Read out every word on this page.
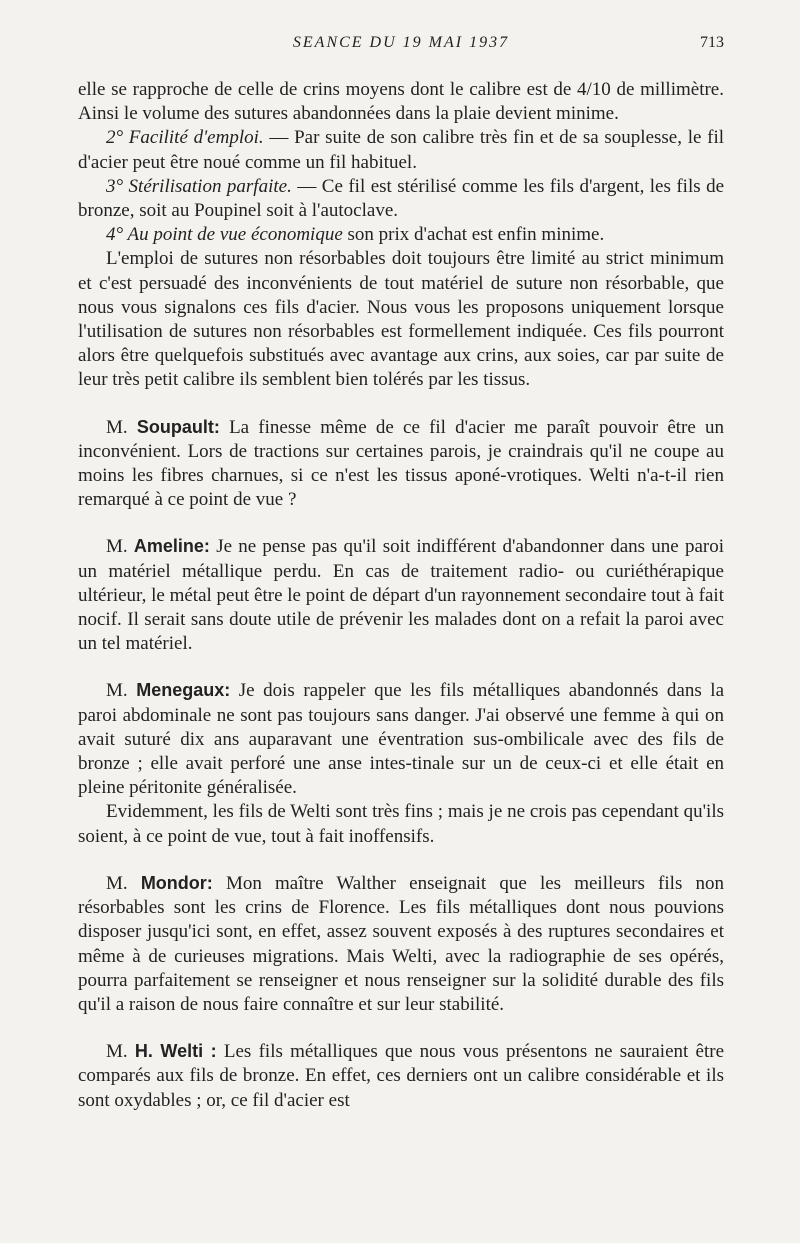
SEANCE DU 19 MAI 1937	713

elle se rapproche de celle de crins moyens dont le calibre est de 4/10 de millimètre. Ainsi le volume des sutures abandonnées dans la plaie devient minime.

2° Facilité d'emploi. — Par suite de son calibre très fin et de sa souplesse, le fil d'acier peut être noué comme un fil habituel.

3° Stérilisation parfaite. — Ce fil est stérilisé comme les fils d'argent, les fils de bronze, soit au Poupinel soit à l'autoclave.

4° Au point de vue économique son prix d'achat est enfin minime.

L'emploi de sutures non résorbables doit toujours être limité au strict minimum et c'est persuadé des inconvénients de tout matériel de suture non résorbable, que nous vous signalons ces fils d'acier. Nous vous les proposons uniquement lorsque l'utilisation de sutures non résorbables est formellement indiquée. Ces fils pourront alors être quelquefois substitués avec avantage aux crins, aux soies, car par suite de leur très petit calibre ils semblent bien tolérés par les tissus.

M. Soupault: La finesse même de ce fil d'acier me paraît pouvoir être un inconvénient. Lors de tractions sur certaines parois, je craindrais qu'il ne coupe au moins les fibres charnues, si ce n'est les tissus aponé-vrotiques. Welti n'a-t-il rien remarqué à ce point de vue ?

M. Ameline: Je ne pense pas qu'il soit indifférent d'abandonner dans une paroi un matériel métallique perdu. En cas de traitement radio- ou curiéthérapique ultérieur, le métal peut être le point de départ d'un rayonnement secondaire tout à fait nocif. Il serait sans doute utile de prévenir les malades dont on a refait la paroi avec un tel matériel.

M. Menegaux: Je dois rappeler que les fils métalliques abandonnés dans la paroi abdominale ne sont pas toujours sans danger. J'ai observé une femme à qui on avait suturé dix ans auparavant une éventration sus-ombilicale avec des fils de bronze ; elle avait perforé une anse intes-tinale sur un de ceux-ci et elle était en pleine péritonite généralisée.

Evidemment, les fils de Welti sont très fins ; mais je ne crois pas cependant qu'ils soient, à ce point de vue, tout à fait inoffensifs.

M. Mondor: Mon maître Walther enseignait que les meilleurs fils non résorbables sont les crins de Florence. Les fils métalliques dont nous pouvions disposer jusqu'ici sont, en effet, assez souvent exposés à des ruptures secondaires et même à de curieuses migrations. Mais Welti, avec la radiographie de ses opérés, pourra parfaitement se renseigner et nous renseigner sur la solidité durable des fils qu'il a raison de nous faire connaître et sur leur stabilité.

M. H. Welti : Les fils métalliques que nous vous présentons ne sauraient être comparés aux fils de bronze. En effet, ces derniers ont un calibre considérable et ils sont oxydables ; or, ce fil d'acier est
